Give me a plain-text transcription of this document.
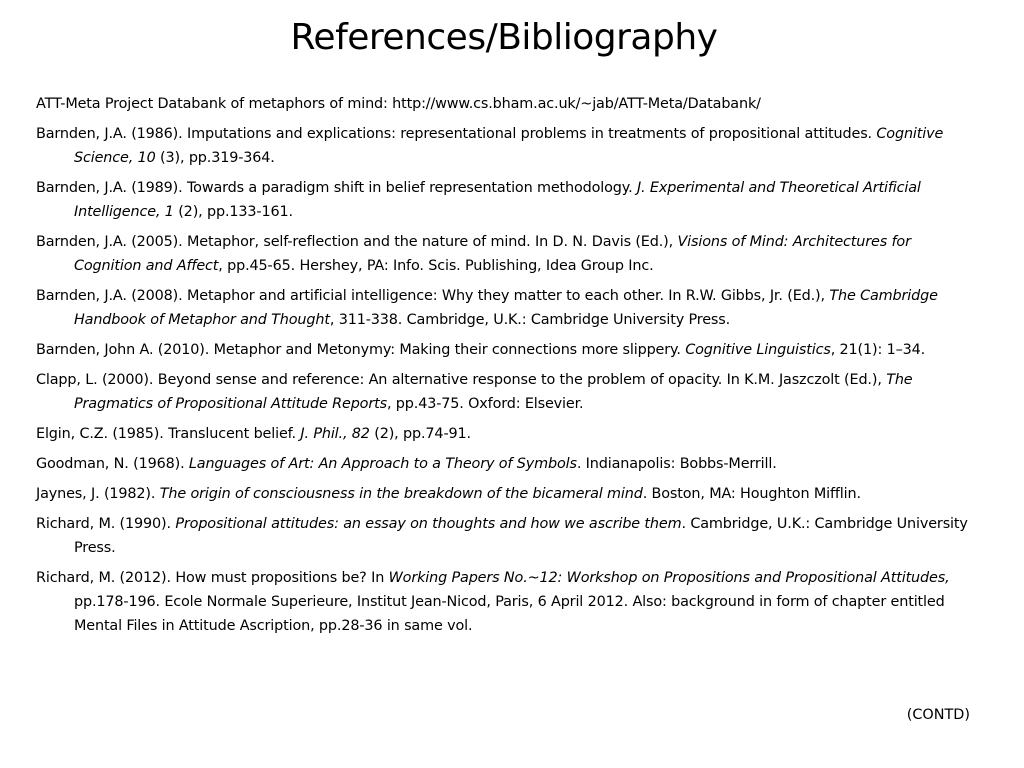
References/Bibliography
ATT-Meta Project Databank of metaphors of mind: http://www.cs.bham.ac.uk/~jab/ATT-Meta/Databank/
Barnden, J.A. (1986). Imputations and explications: representational problems in treatments of propositional attitudes. Cognitive Science, 10 (3), pp.319-364.
Barnden, J.A. (1989). Towards a paradigm shift in belief representation methodology. J. Experimental and Theoretical Artificial Intelligence, 1 (2), pp.133-161.
Barnden, J.A. (2005). Metaphor, self-reflection and the nature of mind. In D. N. Davis (Ed.), Visions of Mind: Architectures for Cognition and Affect, pp.45-65. Hershey, PA: Info. Scis. Publishing, Idea Group Inc.
Barnden, J.A. (2008). Metaphor and artificial intelligence: Why they matter to each other. In R.W. Gibbs, Jr. (Ed.), The Cambridge Handbook of Metaphor and Thought, 311-338. Cambridge, U.K.: Cambridge University Press.
Barnden, John A. (2010). Metaphor and Metonymy: Making their connections more slippery. Cognitive Linguistics, 21(1): 1–34.
Clapp, L. (2000). Beyond sense and reference: An alternative response to the problem of opacity. In K.M. Jaszczolt (Ed.), The Pragmatics of Propositional Attitude Reports, pp.43-75. Oxford: Elsevier.
Elgin, C.Z. (1985). Translucent belief. J. Phil., 82 (2), pp.74-91.
Goodman, N. (1968). Languages of Art: An Approach to a Theory of Symbols. Indianapolis: Bobbs-Merrill.
Jaynes, J. (1982). The origin of consciousness in the breakdown of the bicameral mind. Boston, MA: Houghton Mifflin.
Richard, M. (1990). Propositional attitudes: an essay on thoughts and how we ascribe them. Cambridge, U.K.: Cambridge University Press.
Richard, M. (2012). How must propositions be? In Working Papers No.~12: Workshop on Propositions and Propositional Attitudes, pp.178-196. Ecole Normale Superieure, Institut Jean-Nicod, Paris, 6 April 2012. Also: background in form of chapter entitled Mental Files in Attitude Ascription, pp.28-36 in same vol.

(CONTD)
